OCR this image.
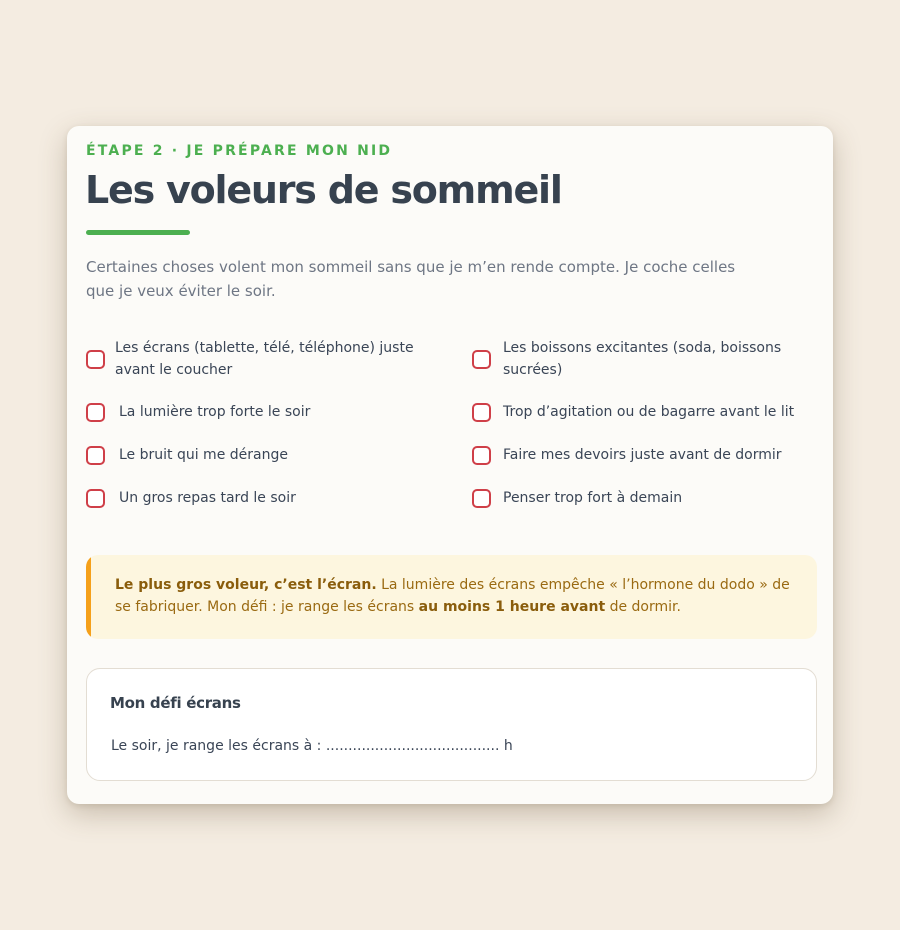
ÉTAPE 2 · JE PRÉPARE MON NID
Les voleurs de sommeil

Certaines choses volent mon sommeil sans que je m’en rende compte. Je coche celles que je veux éviter le soir.

Les écrans (tablette, télé, téléphone) juste avant le coucher
La lumière trop forte le soir
Le bruit qui me dérange
Un gros repas tard le soir
Les boissons excitantes (soda, boissons sucrées)
Trop d’agitation ou de bagarre avant le lit
Faire mes devoirs juste avant de dormir
Penser trop fort à demain

Le plus gros voleur, c’est l’écran. La lumière des écrans empêche « l’hormone du dodo » de se fabriquer. Mon défi : je range les écrans au moins 1 heure avant de dormir.

Mon défi écrans

Le soir, je range les écrans à : ....................................... h
